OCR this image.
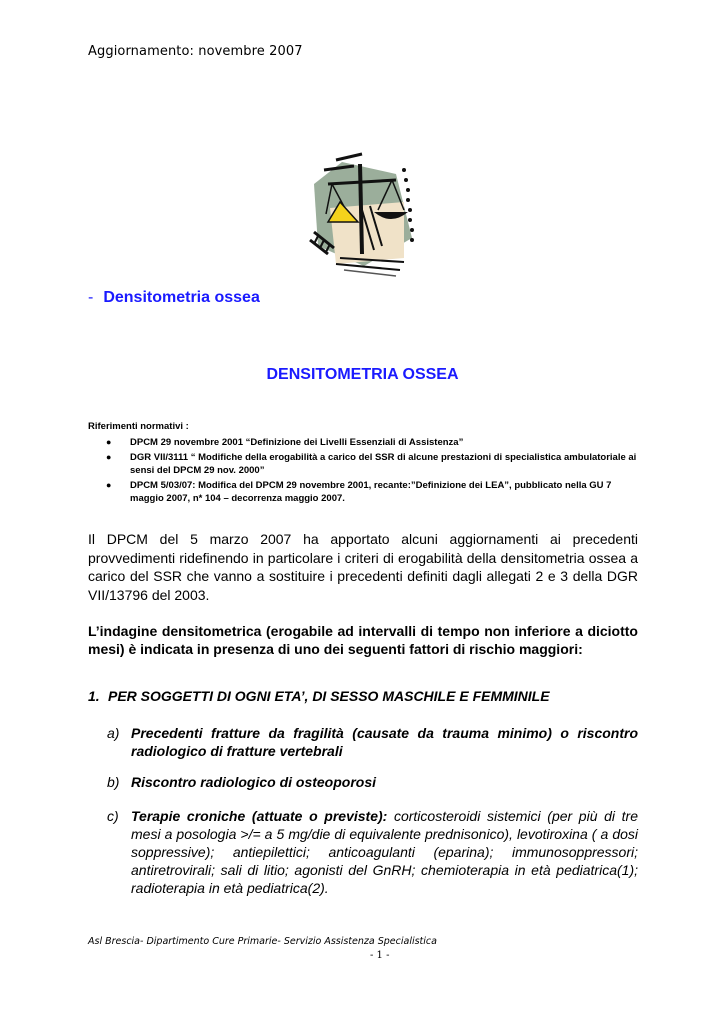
Aggiornamento: novembre 2007
- Densitometria ossea
DENSITOMETRIA OSSEA
Riferimenti normativi :
● DPCM 29 novembre 2001 “Definizione dei Livelli Essenziali di Assistenza”
● DGR VII/3111 “ Modifiche della erogabilità a carico del SSR di alcune prestazioni di specialistica ambulatoriale ai sensi del DPCM 29 nov. 2000”
● DPCM 5/03/07: Modifica del DPCM 29 novembre 2001, recante:”Definizione dei LEA”, pubblicato nella GU 7 maggio 2007, n* 104 – decorrenza maggio 2007.
Il DPCM del 5 marzo 2007 ha apportato alcuni aggiornamenti ai precedenti provvedimenti ridefinendo in particolare i criteri di erogabilità della densitometria ossea a carico del SSR che vanno a sostituire i precedenti definiti dagli allegati 2 e 3 della DGR VII/13796 del 2003.
L’indagine densitometrica (erogabile ad intervalli di tempo non inferiore a diciotto mesi) è indicata in presenza di uno dei seguenti fattori di rischio maggiori:
1. PER SOGGETTI DI OGNI ETA’, DI SESSO MASCHILE E FEMMINILE
a) Precedenti fratture da fragilità (causate da trauma minimo) o riscontro radiologico di fratture vertebrali
b) Riscontro radiologico di osteoporosi
c) Terapie croniche (attuate o previste): corticosteroidi sistemici (per più di tre mesi a posologia >/= a 5 mg/die di equivalente prednisonico), levotiroxina ( a dosi soppressive); antiepilettici; anticoagulanti (eparina); immunosoppressori; antiretrovirali; sali di litio; agonisti del GnRH; chemioterapia in età pediatrica(1); radioterapia in età pediatrica(2).
Asl Brescia- Dipartimento Cure Primarie- Servizio Assistenza Specialistica
- 1 -
